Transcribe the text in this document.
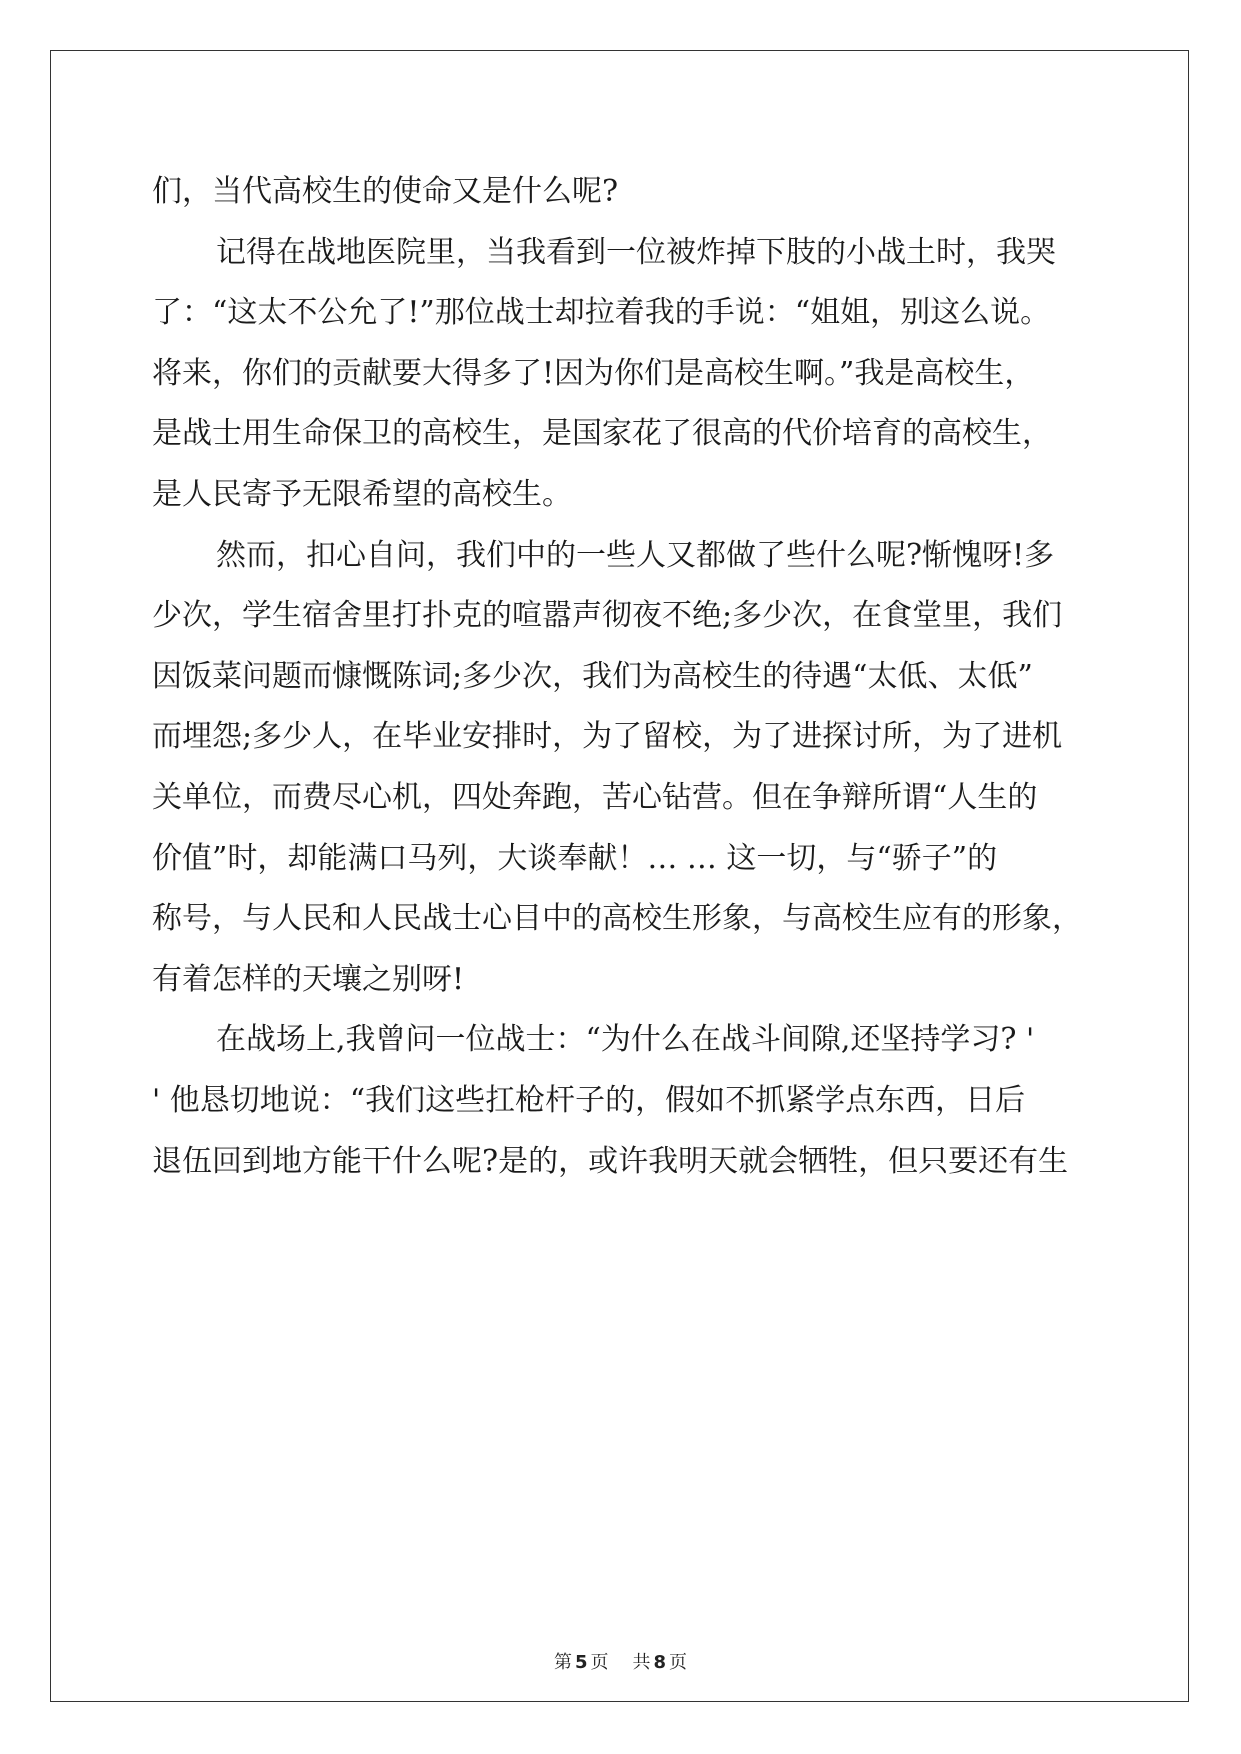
们，当代高校生的使命又是什么呢?
记得在战地医院里，当我看到一位被炸掉下肢的小战土时，我哭
了：“这太不公允了!”那位战士却拉着我的手说：“姐姐，别这么说。
将来，你们的贡献要大得多了!因为你们是高校生啊。”我是高校生，
是战士用生命保卫的高校生，是国家花了很高的代价培育的高校生，
是人民寄予无限希望的高校生。
然而，扣心自问，我们中的一些人又都做了些什么呢?惭愧呀!多
少次，学生宿舍里打扑克的喧嚣声彻夜不绝;多少次，在食堂里，我们
因饭菜问题而慷慨陈词;多少次，我们为高校生的待遇“太低、太低”
而埋怨;多少人，在毕业安排时，为了留校，为了进探讨所，为了进机
关单位，而费尽心机，四处奔跑，苦心钻营。但在争辩所谓“人生的
价值”时，却能满口马列，大谈奉献！… … 这一切，与“骄子”的
称号，与人民和人民战士心目中的高校生形象，与高校生应有的形象，
有着怎样的天壤之别呀!
在战场上,我曾问一位战士：“为什么在战斗间隙,还坚持学习? '
' 他恳切地说：“我们这些扛枪杆子的，假如不抓紧学点东西，日后
退伍回到地方能干什么呢?是的，或许我明天就会牺牲，但只要还有生
第 5 页 共 8 页
